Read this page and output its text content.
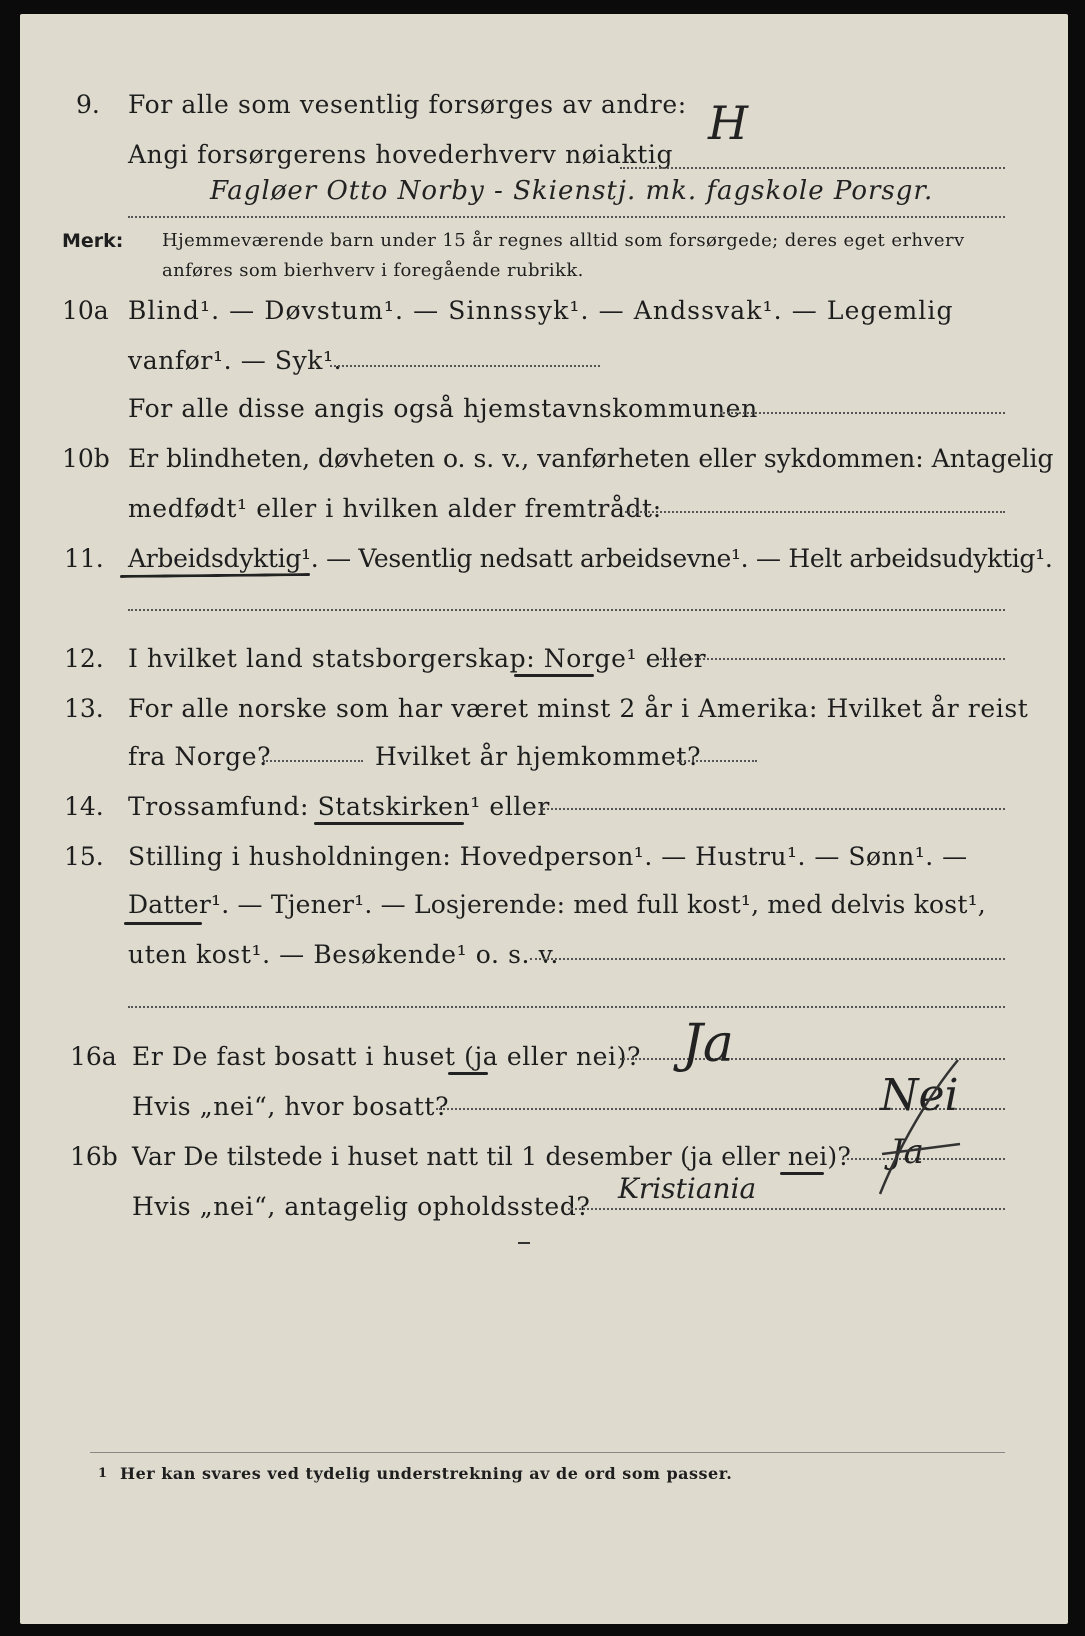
9. For alle som vesentlig forsørges av andre:
Angi forsørgerens hovederhverv nøiaktig
H
Fagløer Otto Norby - Skienstj. mk. fagskole Porsgr.
Merk: Hjemmeværende barn under 15 år regnes alltid som forsørgede; deres eget erhverv
anføres som bierhverv i foregående rubrikk.
10a Blind¹. — Døvstum¹. — Sinnssyk¹. — Andssvak¹. — Legemlig
vanfør¹. — Syk¹.
For alle disse angis også hjemstavnskommunen
10b Er blindheten, døvheten o. s. v., vanførheten eller sykdommen: Antagelig
medfødt¹ eller i hvilken alder fremtrådt:
11. Arbeidsdyktig¹. — Vesentlig nedsatt arbeidsevne¹. — Helt arbeidsudyktig¹.
12. I hvilket land statsborgerskap: Norge¹ eller
13. For alle norske som har været minst 2 år i Amerika: Hvilket år reist
fra Norge?	Hvilket år hjemkommet?
14. Trossamfund: Statskirken¹ eller
15. Stilling i husholdningen: Hovedperson¹. — Hustru¹. — Sønn¹. —
Datter¹. — Tjener¹. — Losjerende: med full kost¹, med delvis kost¹,
uten kost¹. — Besøkende¹ o. s. v.
16a Er De fast bosatt i huset (ja eller nei)? Ja
Hvis „nei“, hvor bosatt?	Nei
16b Var De tilstede i huset natt til 1 desember (ja eller nei)? Ja
Hvis „nei“, antagelig opholdssted?
Kristiania
1 Her kan svares ved tydelig understrekning av de ord som passer.
